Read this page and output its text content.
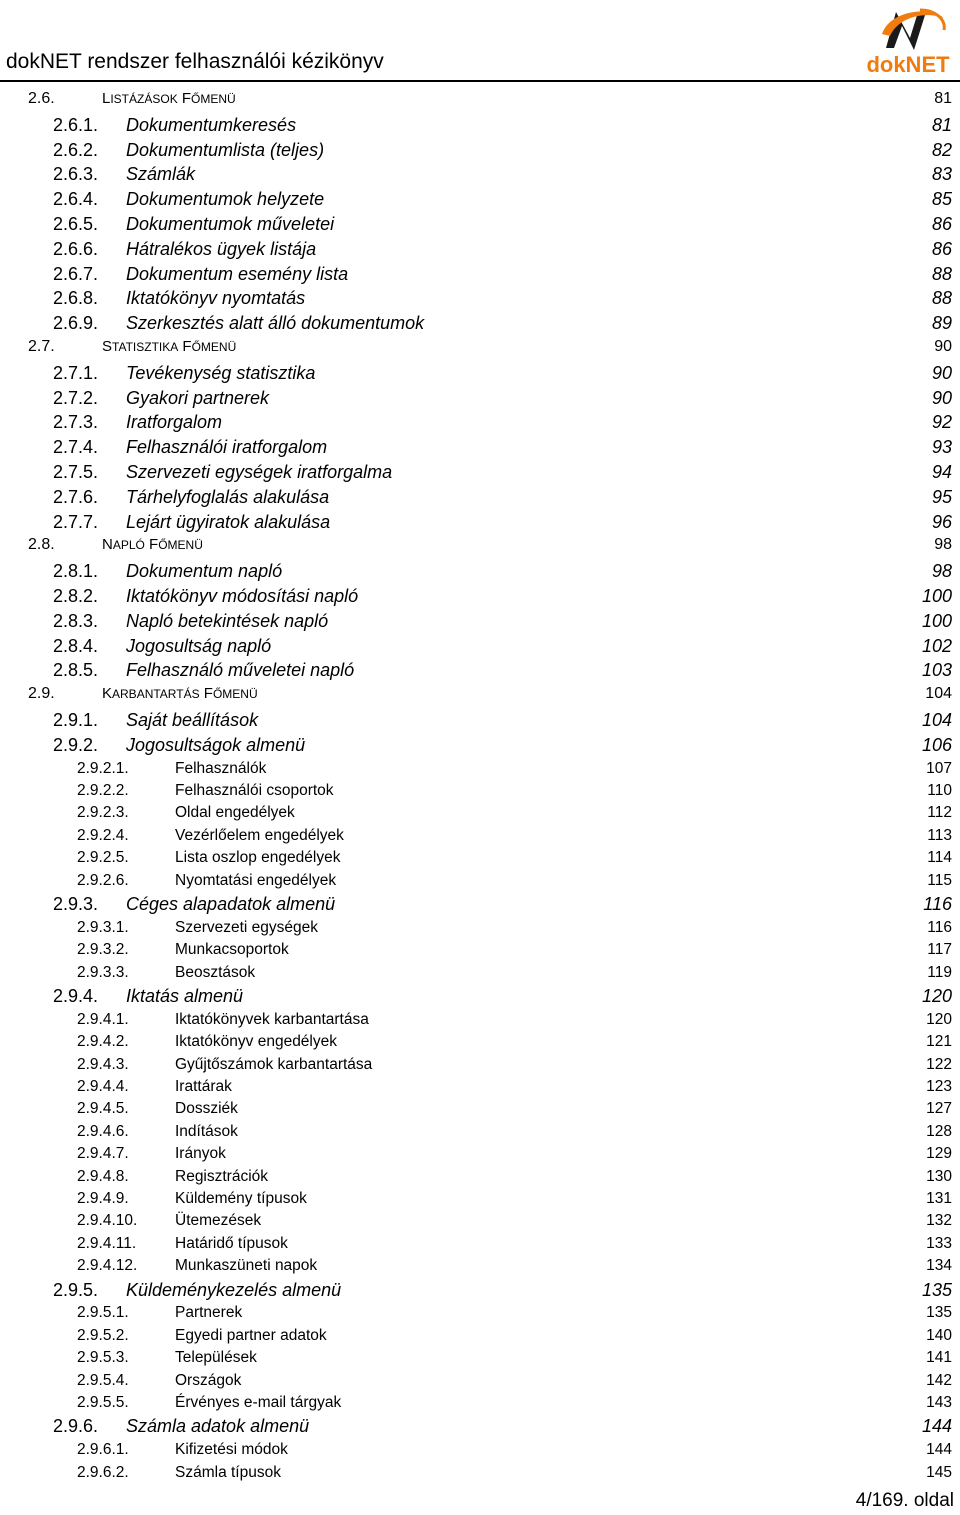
dokNET rendszer felhasználói kézikönyv	dokNET
2.6.	LISTÁZÁSOK FŐMENÜ	81
2.6.1. Dokumentumkeresés	81
2.6.2. Dokumentumlista (teljes)	82
2.6.3. Számlák	83
2.6.4. Dokumentumok helyzete	85
2.6.5. Dokumentumok műveletei	86
2.6.6. Hátralékos ügyek listája	86
2.6.7. Dokumentum esemény lista	88
2.6.8. Iktatókönyv nyomtatás	88
2.6.9. Szerkesztés alatt álló dokumentumok	89
2.7.	STATISZTIKA FŐMENÜ	90
2.7.1. Tevékenység statisztika	90
2.7.2. Gyakori partnerek	90
2.7.3. Iratforgalom	92
2.7.4. Felhasználói iratforgalom	93
2.7.5. Szervezeti egységek iratforgalma	94
2.7.6. Tárhelyfoglalás alakulása	95
2.7.7. Lejárt ügyiratok alakulása	96
2.8.	NAPLÓ FŐMENÜ	98
2.8.1. Dokumentum napló	98
2.8.2. Iktatókönyv módosítási napló	100
2.8.3. Napló betekintések napló	100
2.8.4. Jogosultság napló	102
2.8.5. Felhasználó műveletei napló	103
2.9.	KARBANTARTÁS FŐMENÜ	104
2.9.1. Saját beállítások	104
2.9.2. Jogosultságok almenü	106
2.9.2.1.	Felhasználók	107
2.9.2.2.	Felhasználói csoportok	110
2.9.2.3.	Oldal engedélyek	112
2.9.2.4.	Vezérlőelem engedélyek	113
2.9.2.5.	Lista oszlop engedélyek	114
2.9.2.6.	Nyomtatási engedélyek	115
2.9.3. Céges alapadatok almenü	116
2.9.3.1.	Szervezeti egységek	116
2.9.3.2.	Munkacsoportok	117
2.9.3.3.	Beosztások	119
2.9.4. Iktatás almenü	120
2.9.4.1.	Iktatókönyvek karbantartása	120
2.9.4.2.	Iktatókönyv engedélyek	121
2.9.4.3.	Gyűjtőszámok karbantartása	122
2.9.4.4.	Irattárak	123
2.9.4.5.	Dossziék	127
2.9.4.6.	Indítások	128
2.9.4.7.	Irányok	129
2.9.4.8.	Regisztrációk	130
2.9.4.9.	Küldemény típusok	131
2.9.4.10. Ütemezések	132
2.9.4.11.	Határidő típusok	133
2.9.4.12. Munkaszüneti napok	134
2.9.5. Küldeménykezelés almenü	135
2.9.5.1.	Partnerek	135
2.9.5.2.	Egyedi partner adatok	140
2.9.5.3.	Települések	141
2.9.5.4.	Országok	142
2.9.5.5.	Érvényes e-mail tárgyak	143
2.9.6. Számla adatok almenü	144
2.9.6.1.	Kifizetési módok	144
2.9.6.2.	Számla típusok	145
4/169. oldal
